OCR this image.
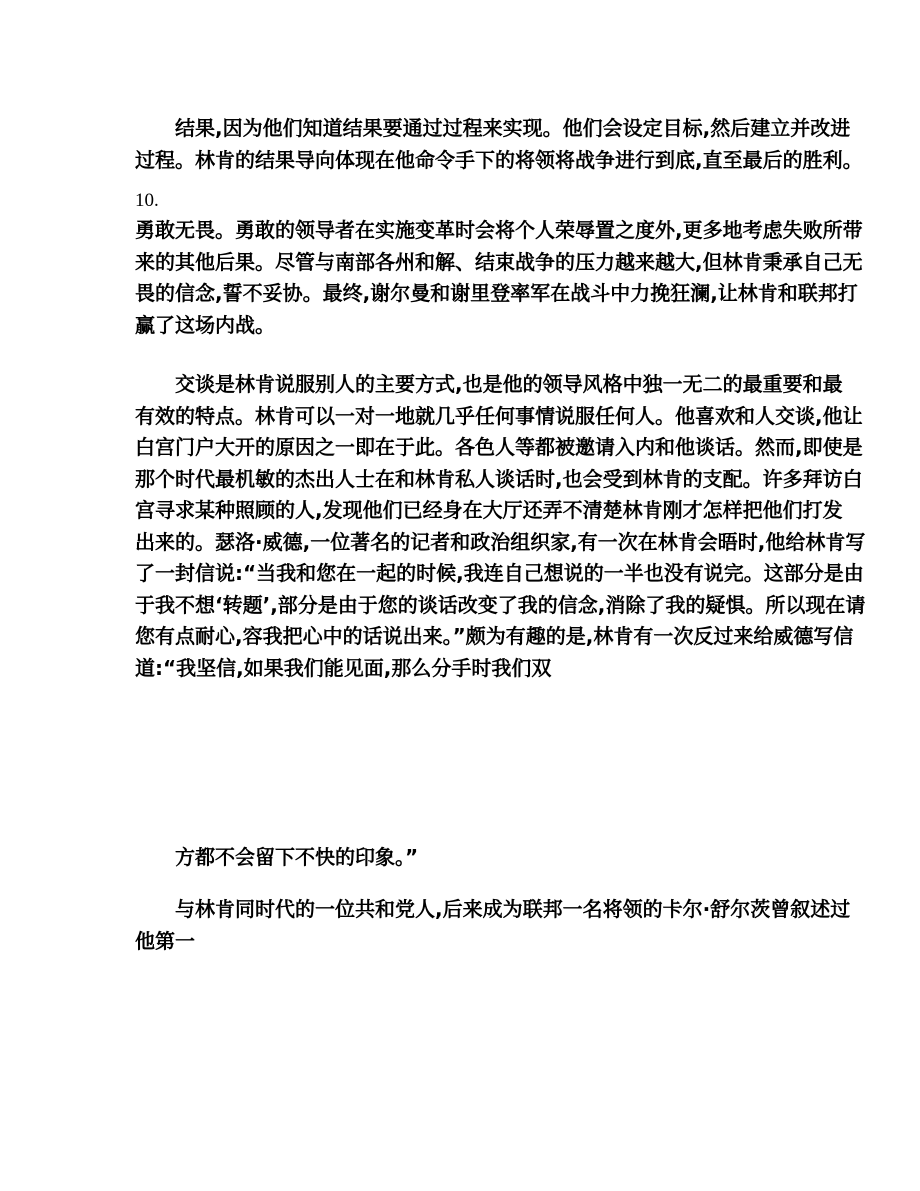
结果,因为他们知道结果要通过过程来实现。他们会设定目标,然后建立并改进
过程。林肯的结果导向体现在他命令手下的将领将战争进行到底,直至最后的胜利。
10.
勇敢无畏。勇敢的领导者在实施变革时会将个人荣辱置之度外,更多地考虑失败所带
来的其他后果。尽管与南部各州和解、结束战争的压力越来越大,但林肯秉承自己无
畏的信念,誓不妥协。最终,谢尔曼和谢里登率军在战斗中力挽狂澜,让林肯和联邦打
赢了这场内战。
交谈是林肯说服别人的主要方式,也是他的领导风格中独一无二的最重要和最
有效的特点。林肯可以一对一地就几乎任何事情说服任何人。他喜欢和人交谈,他让
白宫门户大开的原因之一即在于此。各色人等都被邀请入内和他谈话。然而,即使是
那个时代最机敏的杰出人士在和林肯私人谈话时,也会受到林肯的支配。许多拜访白
宫寻求某种照顾的人,发现他们已经身在大厅还弄不清楚林肯刚才怎样把他们打发
出来的。瑟洛·威德,一位著名的记者和政治组织家,有一次在林肯会晤时,他给林肯写
了一封信说:“当我和您在一起的时候,我连自己想说的一半也没有说完。这部分是由
于我不想‘转题’,部分是由于您的谈话改变了我的信念,消除了我的疑惧。所以现在请
您有点耐心,容我把心中的话说出来。”颇为有趣的是,林肯有一次反过来给威德写信
道:“我坚信,如果我们能见面,那么分手时我们双
方都不会留下不快的印象。”
与林肯同时代的一位共和党人,后来成为联邦一名将领的卡尔·舒尔茨曾叙述过
他第一
